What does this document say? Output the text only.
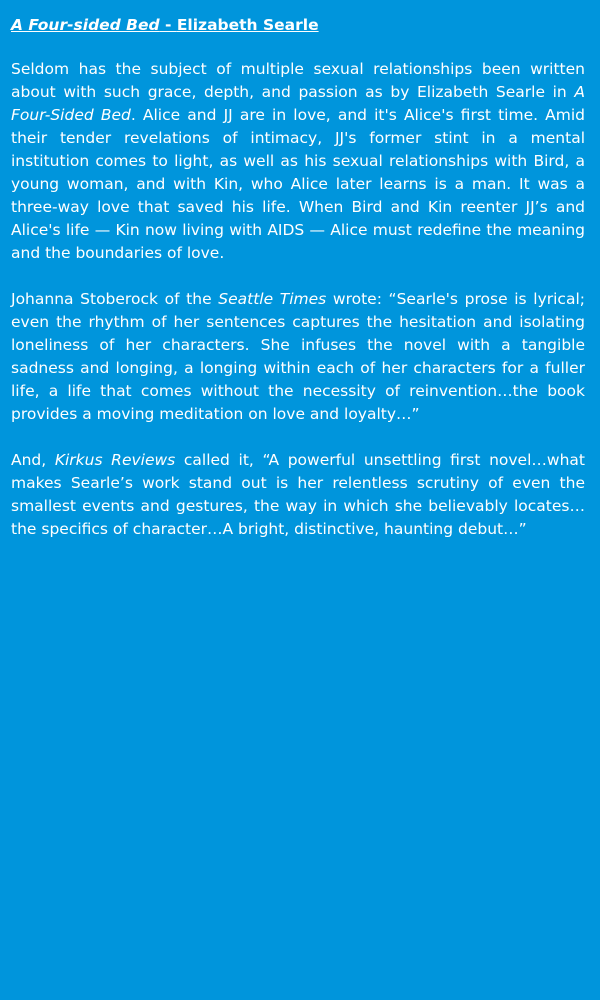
A Four-sided Bed - Elizabeth Searle

Seldom has the subject of multiple sexual relationships been written about with such grace, depth, and passion as by Elizabeth Searle in A Four-Sided Bed. Alice and JJ are in love, and it's Alice's first time. Amid their tender revelations of intimacy, JJ's former stint in a mental institution comes to light, as well as his sexual relationships with Bird, a young woman, and with Kin, who Alice later learns is a man. It was a three-way love that saved his life. When Bird and Kin reenter JJ’s and Alice's life — Kin now living with AIDS — Alice must redefine the meaning and the boundaries of love.

Johanna Stoberock of the Seattle Times wrote: “Searle's prose is lyrical; even the rhythm of her sentences captures the hesitation and isolating loneliness of her characters. She infuses the novel with a tangible sadness and longing, a longing within each of her characters for a fuller life, a life that comes without the necessity of reinvention…the book provides a moving meditation on love and loyalty…”

And, Kirkus Reviews called it, “A powerful unsettling first novel…what makes Searle’s work stand out is her relentless scrutiny of even the smallest events and gestures, the way in which she believably locates…the specifics of character…A bright, distinctive, haunting debut…”
